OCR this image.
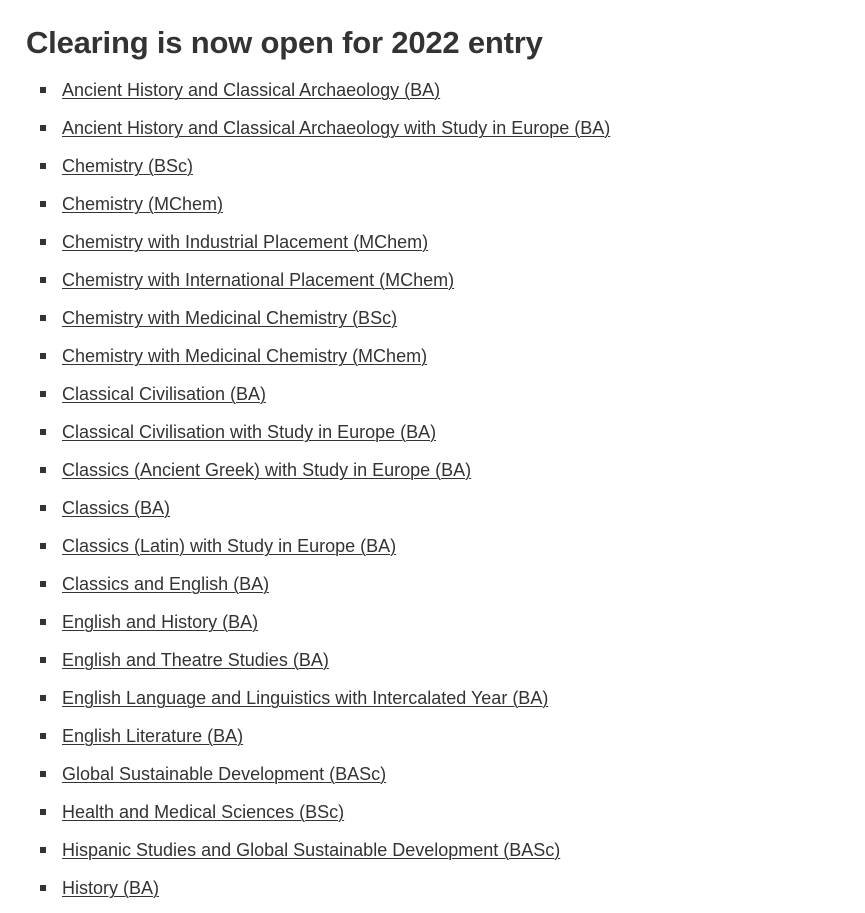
Clearing is now open for 2022 entry
Ancient History and Classical Archaeology (BA)
Ancient History and Classical Archaeology with Study in Europe (BA)
Chemistry (BSc)
Chemistry (MChem)
Chemistry with Industrial Placement (MChem)
Chemistry with International Placement (MChem)
Chemistry with Medicinal Chemistry (BSc)
Chemistry with Medicinal Chemistry (MChem)
Classical Civilisation (BA)
Classical Civilisation with Study in Europe (BA)
Classics (Ancient Greek) with Study in Europe (BA)
Classics (BA)
Classics (Latin) with Study in Europe (BA)
Classics and English (BA)
English and History (BA)
English and Theatre Studies (BA)
English Language and Linguistics with Intercalated Year (BA)
English Literature (BA)
Global Sustainable Development (BASc)
Health and Medical Sciences (BSc)
Hispanic Studies and Global Sustainable Development (BASc)
History (BA)
